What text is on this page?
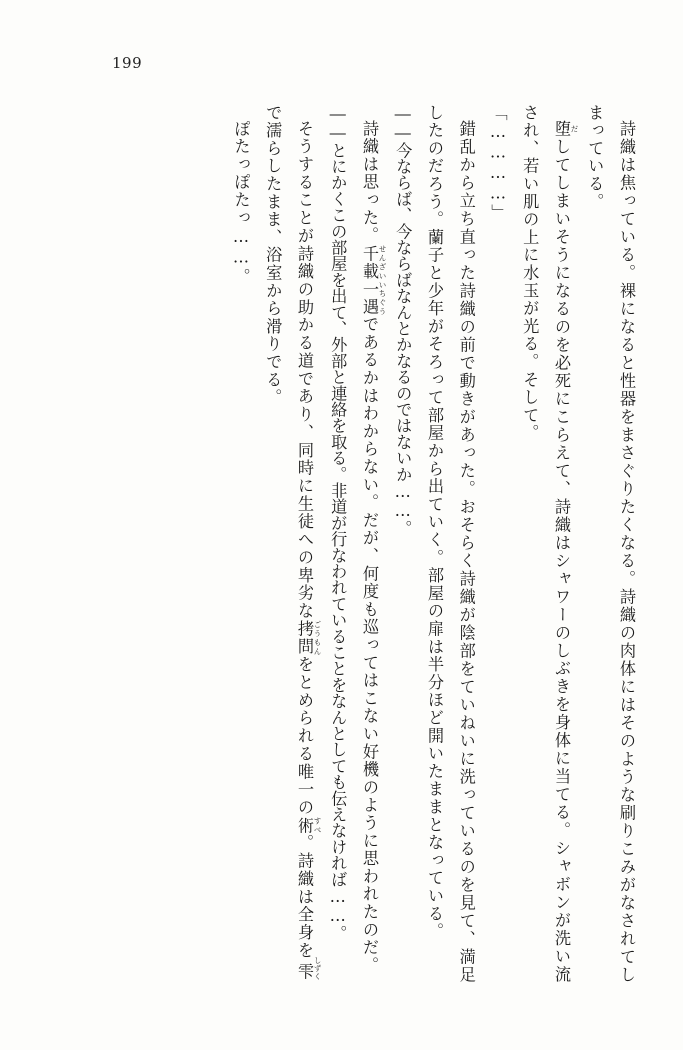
199

詩織は焦っている。裸になると性器をまさぐりたくなる。詩織の肉体にはそのような刷りこみがなされてしまっている。

堕 だしてしまいそうになるのを必死にこらえて、詩織はシャワーのしぶきを身体に当てる。シャボンが洗い流され、若い肌の上に水玉が光る。そして。

「…………」

錯乱から立ち直った詩織の前で動きがあった。おそらく詩織が陰部をていねいに洗っているのを見て、満足したのだろう。蘭子と少年がそろって部屋から出ていく。部屋の扉は半分ほど開いたままとなっている。

――今ならば、今ならばなんとかなるのではないか……。

詩織は思った。千載一遇 せんざいいちぐうであるかはわからない。だが、何度も巡ってはこない好機のように思われたのだ。

――とにかくこの部屋を出て、外部と連絡を取る。非道が行なわれていることをなんとしても伝えなければ……。

そうすることが詩織の助かる道であり、同時に生徒への卑劣な拷問 ごうもんをとめられる唯一の術 すべ。詩織は全身を雫 しずくで濡らしたまま、浴室から滑りでる。

ぽたっぽたっ……。
